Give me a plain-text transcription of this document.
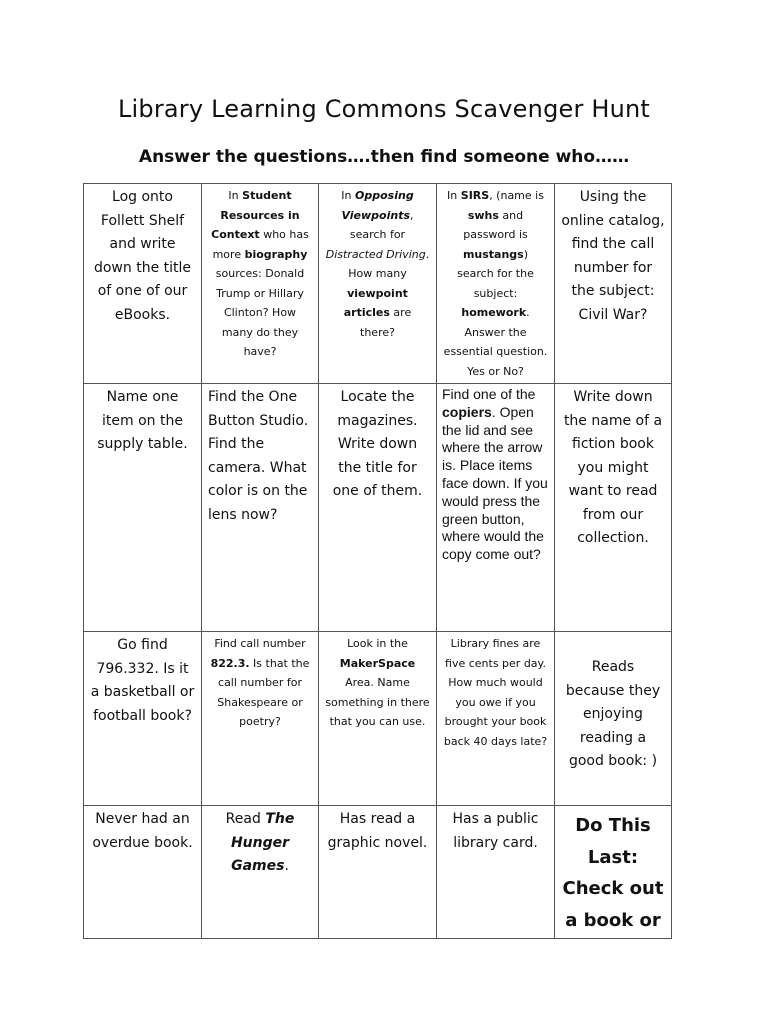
Library Learning Commons Scavenger Hunt
Answer the questions….then find someone who……
Log onto Follett Shelf and write down the title of one of our eBooks.	In Student Resources in Context who has more biography sources: Donald Trump or Hillary Clinton? How many do they have?	In Opposing Viewpoints, search for Distracted Driving. How many viewpoint articles are there?	In SIRS, (name is swhs and password is mustangs) search for the subject: homework. Answer the essential question. Yes or No?	Using the online catalog, find the call number for the subject: Civil War?
Name one item on the supply table.	Find the One Button Studio. Find the camera. What color is on the lens now?	Locate the magazines. Write down the title for one of them.	Find one of the copiers. Open the lid and see where the arrow is. Place items face down. If you would press the green button, where would the copy come out?	Write down the name of a fiction book you might want to read from our collection.
Go find 796.332. Is it a basketball or football book?	Find call number 822.3. Is that the call number for Shakespeare or poetry?	Look in the MakerSpace Area. Name something in there that you can use.	Library fines are five cents per day. How much would you owe if you brought your book back 40 days late?	Reads because they enjoying reading a good book: )
Never had an overdue book.	Read The Hunger Games.	Has read a graphic novel.	Has a public library card.	Do This Last: Check out a book or
